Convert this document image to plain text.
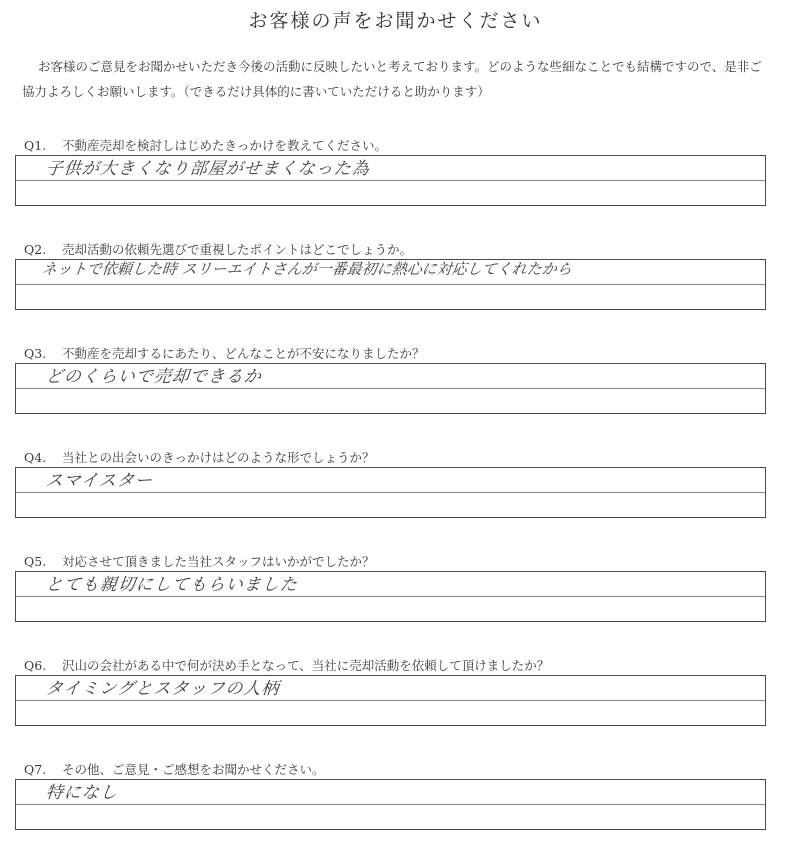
お客様の声をお聞かせください

お客様のご意見をお聞かせいただき今後の活動に反映したいと考えております。どのような些細なことでも結構ですので、是非ご協力よろしくお願いします。（できるだけ具体的に書いていただけると助かります）

Q1. 不動産売却を検討しはじめたきっかけを教えてください。
子供が大きくなり部屋がせまくなった為
Q2. 売却活動の依頼先選びで重視したポイントはどこでしょうか。
ネットで依頼した時 スリーエイトさんが一番最初に熱心に対応してくれたから
Q3. 不動産を売却するにあたり、どんなことが不安になりましたか？
どのくらいで売却できるか
Q4. 当社との出会いのきっかけはどのような形でしょうか？
スマイスター
Q5. 対応させて頂きました当社スタッフはいかがでしたか？
とても親切にしてもらいました
Q6. 沢山の会社がある中で何が決め手となって、当社に売却活動を依頼して頂けましたか？
タイミングとスタッフの人柄
Q7. その他、ご意見・ご感想をお聞かせください。
特になし
